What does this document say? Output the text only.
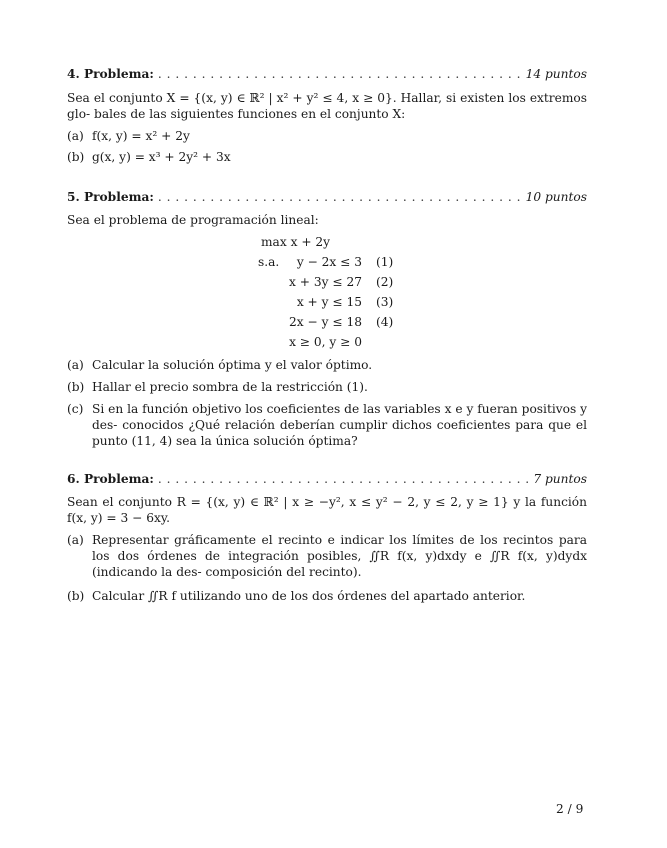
4. Problema: . . .	14 puntos
Sea el conjunto X = {(x, y) ∈ ℝ² | x² + y² ≤ 4, x ≥ 0}. Hallar, si existen los extremos glo- bales de las siguientes funciones en el conjunto X:
(a) f(x, y) = x² + 2y
(b) g(x, y) = x³ + 2y² + 3x
5. Problema: . . .	10 puntos
Sea el problema de programación lineal:
max x + 2y
s.a.	y − 2x ≤ 3 (1)
x + 3y ≤ 27 (2)
x + y ≤ 15 (3)
2x − y ≤ 18 (4)
x ≥ 0, y ≥ 0
(a) Calcular la solución óptima y el valor óptimo.
(b) Hallar el precio sombra de la restricción (1).
(c) Si en la función objetivo los coeficientes de las variables x e y fueran positivos y des- conocidos ¿Qué relación deberían cumplir dichos coeficientes para que el punto (11, 4) sea la única solución óptima?
6. Problema: . . .	7 puntos
Sean el conjunto R = {(x, y) ∈ ℝ² | x ≥ −y², x ≤ y² − 2, y ≤ 2, y ≥ 1} y la función f(x, y) = 3 − 6xy.
(a) Representar gráficamente el recinto e indicar los límites de los recintos para los dos órdenes de integración posibles, ∬R f(x, y)dxdy e ∬R f(x, y)dydx (indicando la des- composición del recinto).
(b) Calcular ∬R f utilizando uno de los dos órdenes del apartado anterior.
2 / 9
